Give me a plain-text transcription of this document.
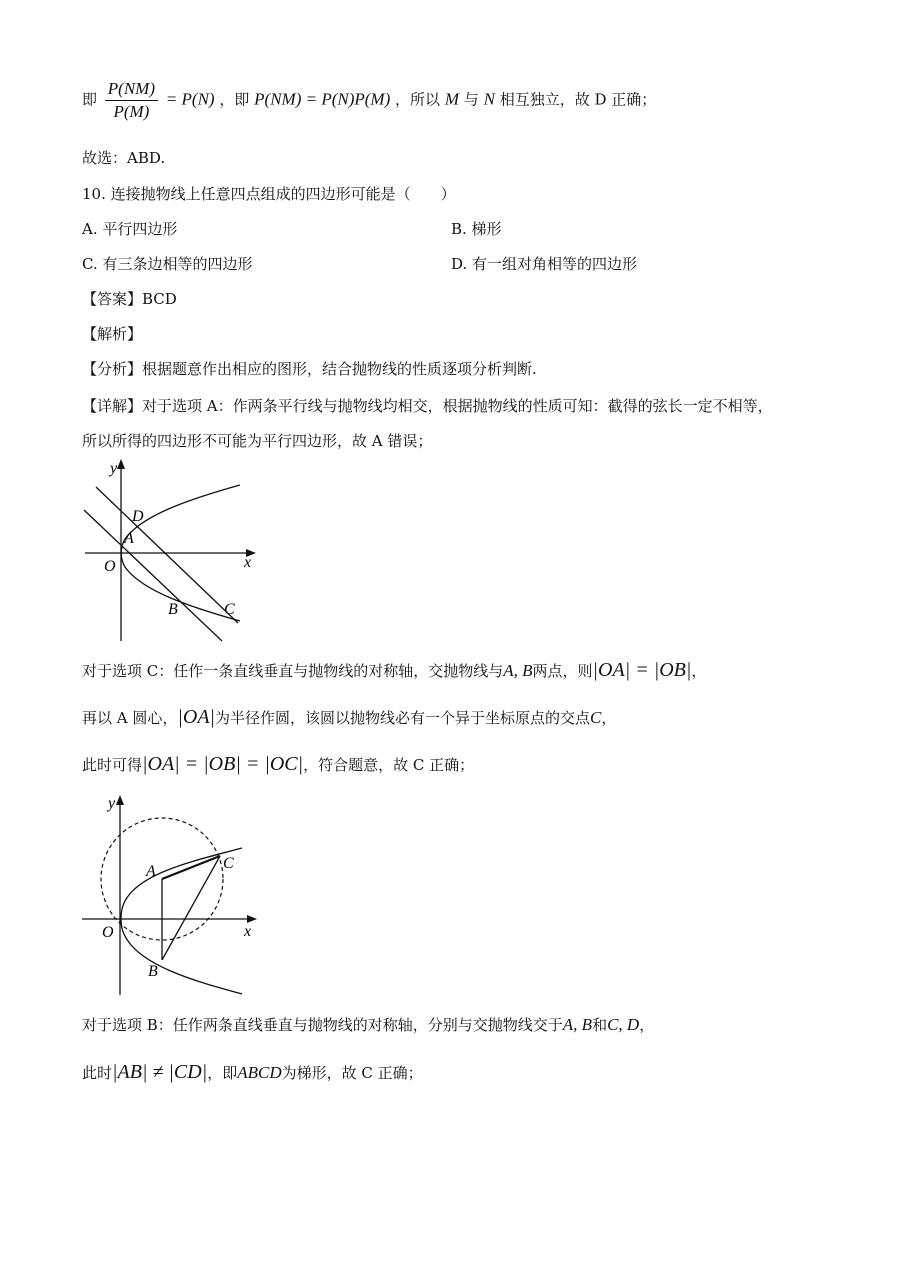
即 $\frac{P(NM)}{P(M)} = P(N)$ ，即 P(NM) = P(N)P(M) ，所以 M 与 N 相互独立，故 D 正确；
故选：ABD.
10. 连接抛物线上任意四点组成的四边形可能是（　　）
A. 平行四边形	B. 梯形
C. 有三条边相等的四边形	D. 有一组对角相等的四边形
【答案】BCD
【解析】
【分析】根据题意作出相应的图形，结合抛物线的性质逐项分析判断.
【详解】对于选项 A：作两条平行线与抛物线均相交，根据抛物线的性质可知：截得的弦长一定不相等，
所以所得的四边形不可能为平行四边形，故 A 错误；
y
x
O
A
D
B	C
对于选项 C：任作一条直线垂直与抛物线的对称轴，交抛物线与A, B两点，则|OA| = |OB|，
再以 A 圆心，|OA|为半径作圆，该圆以抛物线必有一个异于坐标原点的交点C，
此时可得|OA| = |OB| = |OC|，符合题意，故 C 正确；
y
x
O
A
B
C
对于选项 B：任作两条直线垂直与抛物线的对称轴，分别与交抛物线交于A, B和C, D，
此时|AB| ≠ |CD|，即ABCD为梯形，故 C 正确；
